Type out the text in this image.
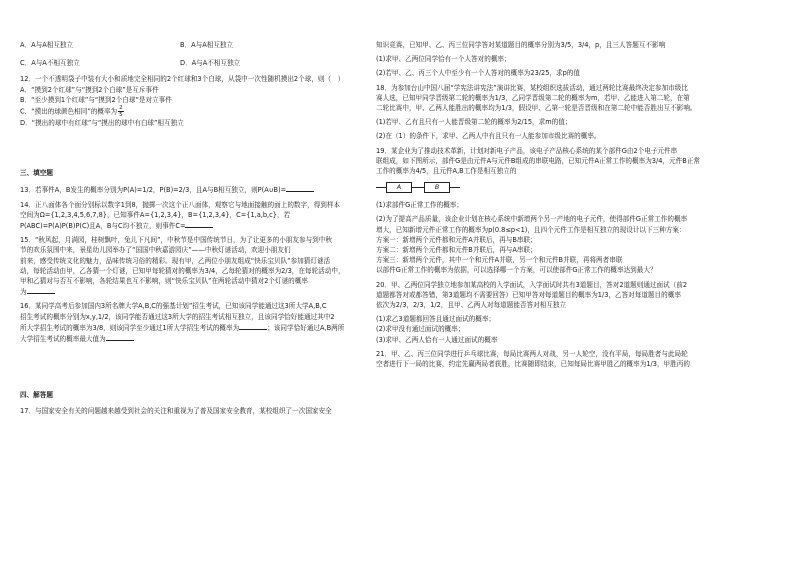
A．A与A相互独立	B．A与A相互独立
C．A与A不相互独立	D．A与A不相互独立

12．一个不透明袋子中装有大小和质地完全相同的2个红球和3个白球，从袋中一次性随机摸出2个球，则（　）

A．“摸到2个红球”与“摸到2个白球”是互斥事件

B．“至少摸到1个红球”与“摸到2个白球”是对立事件

C．“摸出的球颜色相同”的概率为 $\frac{2}{5}$

D．“摸出的球中有红球”与“摸出的球中有白球”相互独立

三、填空题

13．若事件A，B发生的概率分别为P(A)=1/2，P(B)=2/3，且A与B相互独立，则P(A∪B)=

14．正八面体各个面分别标以数字1到8，抛掷一次这个正八面体，观察它与地面接触的面上的数字，得到样本

空间为Ω={1,2,3,4,5,6,7,8}，已知事件A={1,2,3,4}，B={1,2,3,4}，C={1,a,b,c}，若

P(ABC)=P(A)P(B)P(C)且A，B与C均不独立，则事件C=

15．“秋风起，月满园，桂树飘叶，兔儿下凡间”，中秋节是中国传统节日，为了让更多的小朋友参与到中秋

节的欢乐氛围中来，景星幼儿园举办了“国国中秋嘉游园庆”——中秋灯谜活动，欢迎小朋友们

前来，感受传统文化的魅力，品味传统习俗的精彩。现有甲，乙两位小朋友组成“快乐宝贝队”参加猜灯谜活

动，每轮活动由甲，乙各猜一个灯谜，已知甲每轮猜对的概率为3/4，乙每轮猜对的概率为2/3，在每轮活动中，

甲和乙猜对与否互不影响，各轮结果也互不影响，则“快乐宝贝队”在两轮活动中猜对2个灯谜的概率

为

16．某同学高考后参加国内3所名牌大学A,B,C的强基计划”招生考试，已知该同学能通过这3所大学A,B,C

招生考试的概率分别为x,y,1/2，该同学能否通过这3所大学的招生考试相互独立，且该同学恰好能通过其中2

所大学招生考试的概率为3/8，则该同学至少通过1所大学招生考试的概率为	；该同学恰好通过A,B两所

大学招生考试的概率最大值为

四、解答题

17．与国家安全有关的问题越来越受到社会的关注和重视为了普及国家安全教育，某校组织了一次国家安全

知识竞赛，已知甲、乙、丙三位同学答对某道题目的概率分别为3/5，3/4，p，且三人答题互不影响

(1)求甲、乙两位同学恰有一个人答对的概率；

(2)若甲、乙、丙三个人中至少有一个人答对的概率为23/25，求p的值

18．为参加台山中国八届“学宪法讲宪法”演讲比赛，某校组织选拔活动，通过两轮比赛最终决定参加市级比

赛人选，已知甲同学晋级第二轮的概率为1/3，乙同学晋级第二轮的概率为m，若甲、乙能进入第二轮，在第

二轮比赛中，甲、乙两人能胜出的概率均为1/3，假设甲、乙第一轮是否晋级和在第二轮中能否胜出互不影响。

(1)若甲、乙有且只有一人能晋级第二轮的概率为2/15，求m的值；

(2)在（1）的条件下，求甲、乙两人中有且只有一人能参加市级比赛的概率。

19．某企业为了推动技术革新，计划对新电子产品，该电子产品核心系统的某个部件G由2个电子元件串

联组成，如下图所示，部件G是由元件A与元件B组成的串联电路，已知元件A正常工作的概率为3/4，元件B正常

工作的概率为4/5，且元件A,B工作是相互独立的

A	B

(1)求部件G正常工作的概率；

(2)为了提高产品质量，该企业计划在核心系统中新增两个另一产地的电子元件，使得部件G正常工作的概率

增大，已知新增元件正常工作的概率为p(0.8≤p<1)，且四个元件工作是相互独立的现设计以下三种方案：

方案一：新增两个元件都和元件A并联后，再与B串联；

方案二：新增两个元件都和元件B并联后，再与A串联；

方案三：新增两个元件，其中一个和元件A并联，另一个和元件B并联，再将两者串联

以部件G正常工作的概率为依据，可以选择哪一个方案，可以使部件G正常工作的概率达到最大？

20．甲、乙两位同学独立地参加某高校的入学面试，入学面试时共有3道题目，答对2道题则通过面试（前2

道题都答对或都答错，第3道题均不需要回答）已知甲答对每道题目的概率为1/3，乙答对每道题目的概率

依次为2/3，2/3，1/2，且甲、乙两人对每道题能否答对相互独立

(1)求乙3道题都回答且通过面试的概率；

(2)求甲没有通过面试的概率；

(3)求甲、乙两人恰有一人通过面试的概率

21．甲、乙、丙三位同学进行乒乓球比赛，每局比赛两人对战，另一人轮空，没有平局，每局胜者与此局轮

空者进行下一局的比赛，约定先赢两局者获胜，比赛随即结束，已知每局比赛甲胜乙的概率为1/3，甲胜丙的
